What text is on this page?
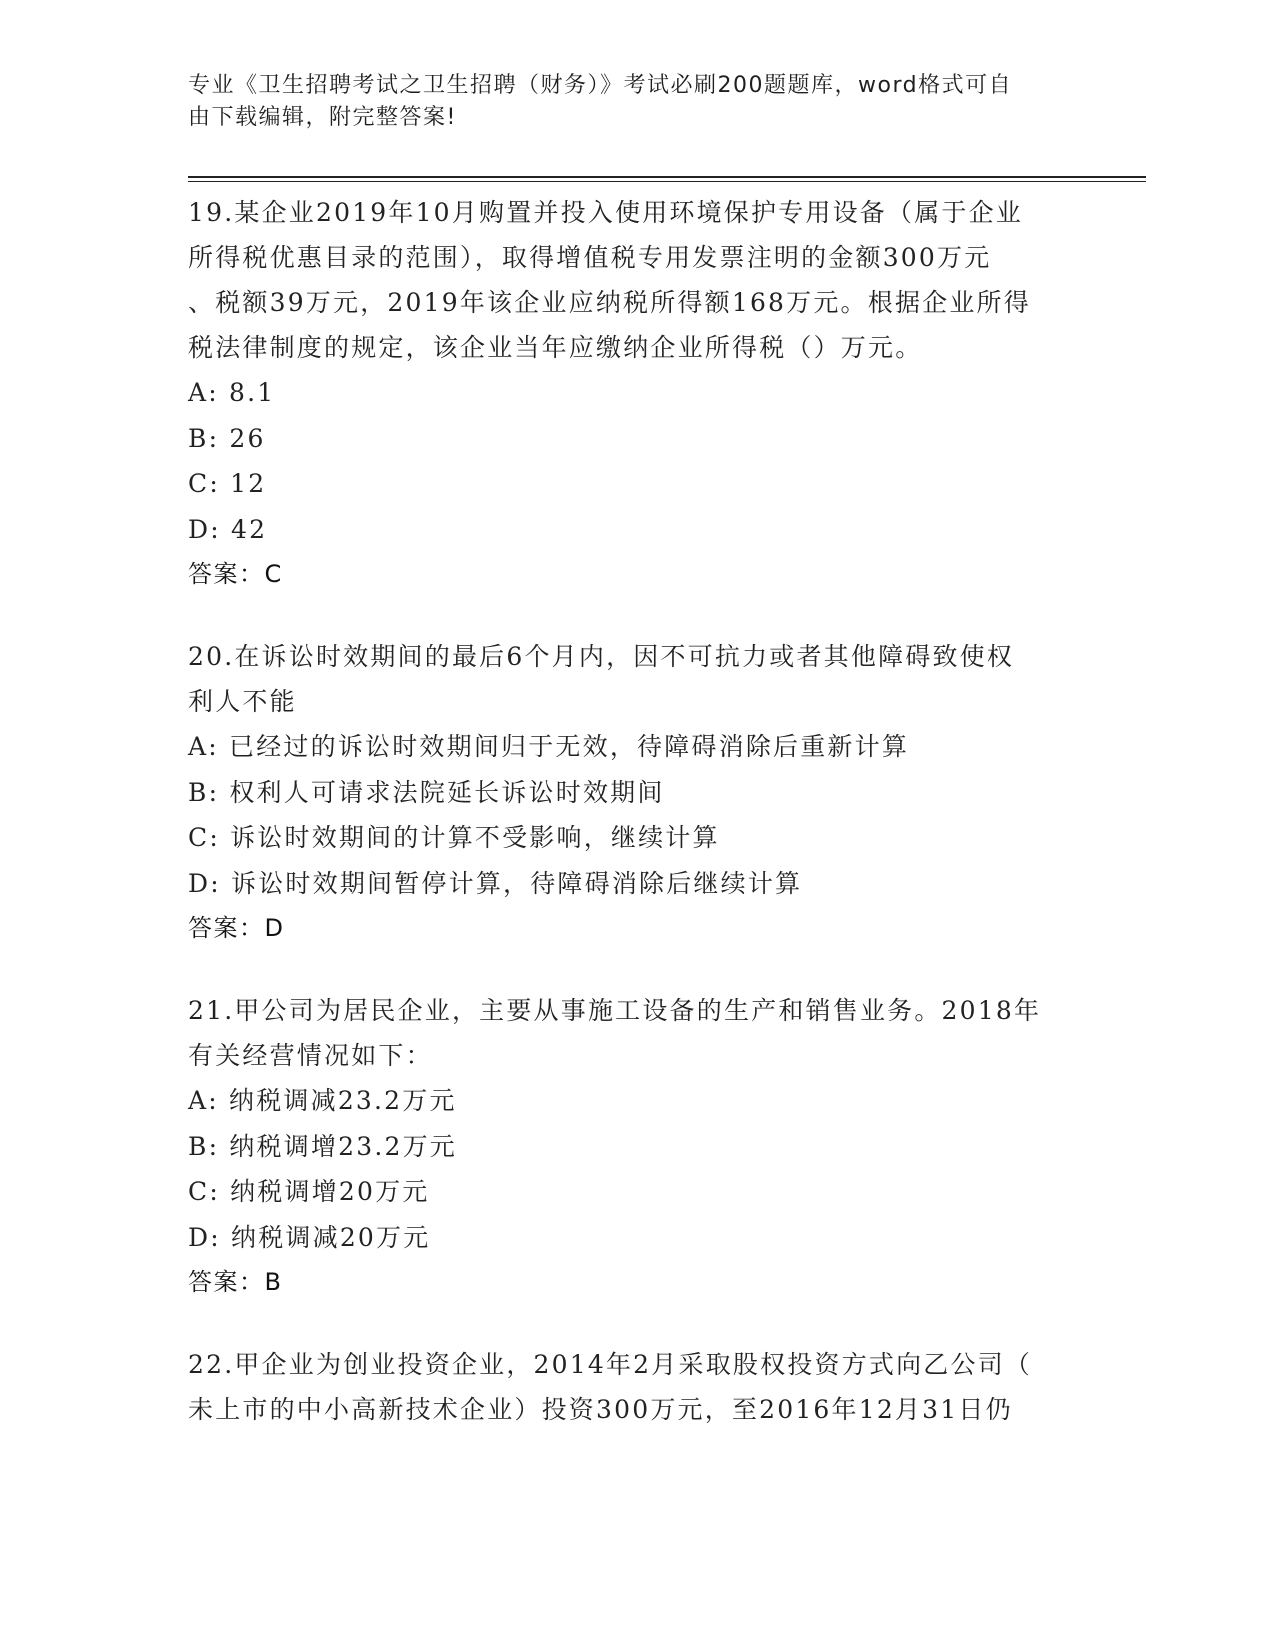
专业《卫生招聘考试之卫生招聘（财务）》考试必刷200题题库，word格式可自
由下载编辑，附完整答案!
19.某企业2019年10月购置并投入使用环境保护专用设备（属于企业
所得税优惠目录的范围），取得增值税专用发票注明的金额300万元
、税额39万元，2019年该企业应纳税所得额168万元。根据企业所得
税法律制度的规定，该企业当年应缴纳企业所得税（）万元。
A: 8.1
B: 26
C: 12
D: 42
答案：C
20.在诉讼时效期间的最后6个月内，因不可抗力或者其他障碍致使权
利人不能
A: 已经过的诉讼时效期间归于无效，待障碍消除后重新计算
B: 权利人可请求法院延长诉讼时效期间
C: 诉讼时效期间的计算不受影响，继续计算
D: 诉讼时效期间暂停计算，待障碍消除后继续计算
答案：D
21.甲公司为居民企业，主要从事施工设备的生产和销售业务。2018年
有关经营情况如下：
A: 纳税调减23.2万元
B: 纳税调增23.2万元
C: 纳税调增20万元
D: 纳税调减20万元
答案：B
22.甲企业为创业投资企业，2014年2月采取股权投资方式向乙公司（
未上市的中小高新技术企业）投资300万元，至2016年12月31日仍
